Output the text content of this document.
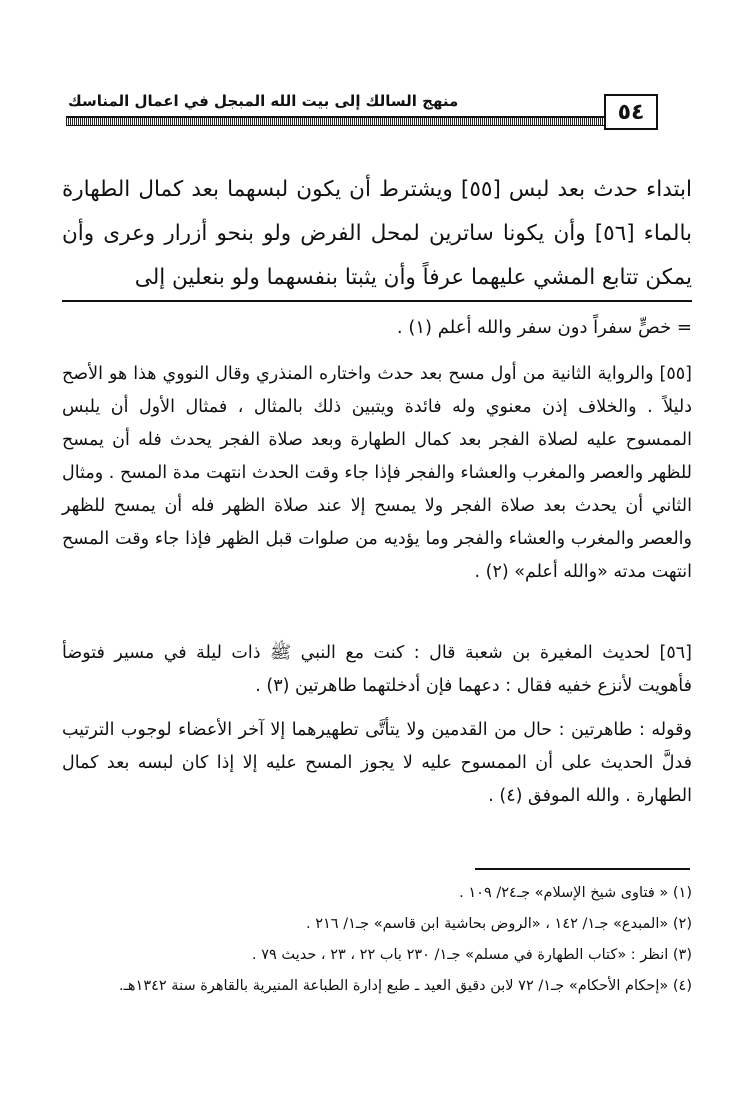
منهج السالك إلى بيت الله المبجل في اعمال المناسك	٥٤

ابتداء حدث بعد لبس [٥٥] ويشترط أن يكون لبسهما بعد كمال الطهارة بالماء [٥٦] وأن يكونا ساترين لمحل الفرض ولو بنحو أزرار وعرى وأن يمكن تتابع المشي عليهما عرفاً وأن يثبتا بنفسهما ولو بنعلين إلى

= خصٍّ سفراً دون سفر والله أعلم (١) .

[٥٥] والرواية الثانية من أول مسح بعد حدث واختاره المنذري وقال النووي هذا هو الأصح دليلاً . والخلاف إذن معنوي وله فائدة ويتبين ذلك بالمثال ، فمثال الأول أن يلبس الممسوح عليه لصلاة الفجر بعد كمال الطهارة وبعد صلاة الفجر يحدث فله أن يمسح للظهر والعصر والمغرب والعشاء والفجر فإذا جاء وقت الحدث انتهت مدة المسح . ومثال الثاني أن يحدث بعد صلاة الفجر ولا يمسح إلا عند صلاة الظهر فله أن يمسح للظهر والعصر والمغرب والعشاء والفجر وما يؤديه من صلوات قبل الظهر فإذا جاء وقت المسح انتهت مدته «والله أعلم» (٢) .

[٥٦] لحديث المغيرة بن شعبة قال : كنت مع النبي ﷺ ذات ليلة في مسير فتوضأ فأهويت لأنزع خفيه فقال : دعهما فإن أدخلتهما طاهرتين (٣) .

وقوله : طاهرتين : حال من القدمين ولا يتأتَّى تطهيرهما إلا آخر الأعضاء لوجوب الترتيب فدلَّ الحديث على أن الممسوح عليه لا يجوز المسح عليه إلا إذا كان لبسه بعد كمال الطهارة . والله الموفق (٤) .

(١) « فتاوى شيخ الإسلام» جـ٢٤/ ١٠٩ .
(٢) «المبدع» جـ١/ ١٤٢ ، «الروض بحاشية ابن قاسم» جـ١/ ٢١٦ .
(٣) انظر : «كتاب الطهارة في مسلم» جـ١/ ٢٣٠ باب ٢٢ ، ٢٣ ، حديث ٧٩ .
(٤) «إحكام الأحكام» جـ١/ ٧٢ لابن دقيق العيد ـ طبع إدارة الطباعة المنيرية بالقاهرة سنة ١٣٤٢هـ.
